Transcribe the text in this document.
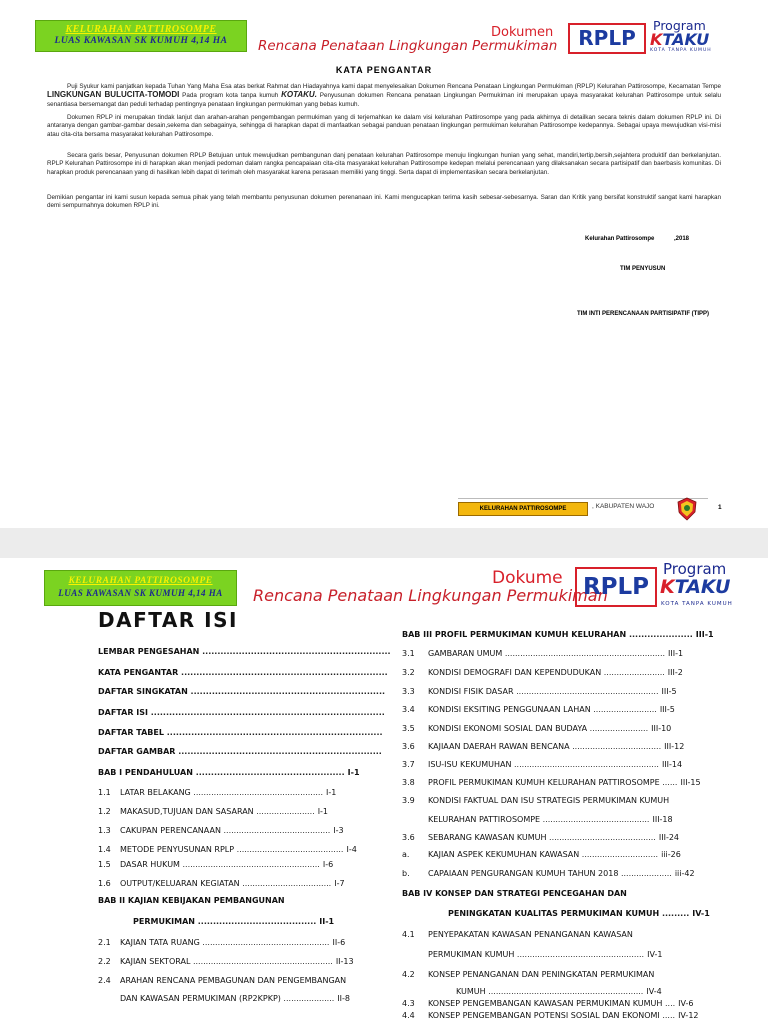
KELURAHAN PATTIROSOMPE
LUAS KAWASAN SK KUMUH 4,14 HA
Dokumen
Rencana Penataan Lingkungan Permukiman	RPLP
Program
KTAKU
KOTA TANPA KUMUH
KATA PENGANTAR
Puji Syukur kami panjatkan kepada Tuhan Yang Maha Esa atas berkat Rahmat dan Hiadayahnya kami dapat menyelesaikan Dokumen Rencana Penataan Lingkungan Permukiman (RPLP) Kelurahan Pattirosompe, Kecamatan Tempe LINGKUNGAN BULUCITA-TOMODI Pada program kota tanpa kumuh KOTAKU. Penyusunan dokumen Rencana penataan Lingkungan Permukiman ini merupakan upaya masyarakat kelurahan Pattirosompe untuk selalu senantiasa bersemangat dan peduli terhadap pentingnya penataan lingkungan permukiman yang bebas kumuh.
Dokumen RPLP ini merupakan tindak lanjut dan arahan-arahan pengembangan permukiman yang di terjemahkan ke dalam visi kelurahan Pattirosompe yang pada akhirnya di detailkan secara teknis dalam dokumen RPLP ini. Di antaranya dengan gambar-gambar desain,sekema dan sebagainya, sehingga di harapkan dapat di manfaatkan sebagai panduan penataan lingkungan permukiman kelurahan Pattirosompe kedepannya. Sebagai upaya mewujudkan visi-misi atau cita-cita bersama masyarakat kelurahan Pattirosompe.
Secara garis besar, Penyusunan dokumen RPLP Betujuan untuk mewujudkan pembangunan danj penataan kelurahan Pattirosompe menuju lingkungan hunian yang sehat, mandiri,tertip,bersih,sejahtera produktif dan berkelanjutan. RPLP Kelurahan Pattirosompe ini di harapkan akan menjadi pedoman dalam rangka pencapaiaan cita-cita masyarakat kelurahan Pattirosompe kedepan melalui perencanaan yang dilaksanakan secara partisipatif dan baerbasis komunitas. Di harapkan produk perencanaan yang di hasilkan lebih dapat di terimah oleh masyarakat karena perasaan memiliki yang tinggi. Serta dapat di implementasikan secara berkelanjutan.
Demikian pengantar ini kami susun kepada semua pihak yang telah membantu penyusunan dokumen perenanaan ini. Kami mengucapkan terima kasih sebesar-sebesarnya. Saran dan Kritik yang bersifat konstruktif sangat kami harapkan demi sempurnahnya dokumen RPLP ini.
Kelurahan Pattirosompe	,2018
TIM PENYUSUN
TIM INTI PERENCANAAN PARTISIPATIF (TIPP)
KELURAHAN PATTIROSOMPE	, KABUPATEN WAJO	1
KELURAHAN PATTIROSOMPE
LUAS KAWASAN SK KUMUH 4,14 HA
Dokume
Rencana Penataan Lingkungan Permukiman
RPLP
Program
KTAKU
KOTA TANPA KUMUH
DAFTAR ISI
LEMBAR PENGESAHAN ..............................................................
KATA PENGANTAR ....................................................................
DAFTAR SINGKATAN ................................................................
DAFTAR ISI .............................................................................
DAFTAR TABEL .......................................................................
DAFTAR GAMBAR ...................................................................
BAB I PENDAHULUAN ................................................. I-1
1.1 LATAR BELAKANG ................................................... I-1
1.2 MAKASUD,TUJUAN DAN SASARAN ....................... I-1
1.3 CAKUPAN PERENCANAAN .......................................... I-3
1.4 METODE PENYUSUNAN RPLP .......................................... I-4
1.5 DASAR HUKUM ...................................................... I-6
1.6 OUTPUT/KELUARAN KEGIATAN ................................... I-7
BAB II KAJIAN KEBIJAKAN PEMBANGUNAN
PERMUKIMAN ....................................... II-1
2.1 KAJIAN TATA RUANG .................................................. II-6
2.2 KAJIAN SEKTORAL ....................................................... II-13
2.4 ARAHAN RENCANA PEMBAGUNAN DAN PENGEMBANGAN
DAN KAWASAN PERMUKIMAN (RP2KPKP) .................... II-8
BAB III PROFIL PERMUKIMAN KUMUH KELURAHAN ..................... III-1
3.1 GAMBARAN UMUM ............................................................... III-1
3.2 KONDISI DEMOGRAFI DAN KEPENDUDUKAN ........................ III-2
3.3 KONDISI FISIK DASAR ........................................................ III-5
3.4 KONDISI EKSITING PENGGUNAAN LAHAN ......................... III-5
3.5 KONDISI EKONOMI SOSIAL DAN BUDAYA ....................... III-10
3.6 KAJIAAN DAERAH RAWAN BENCANA ................................... III-12
3.7 ISU-ISU KEKUMUHAN ......................................................... III-14
3.8 PROFIL PERMUKIMAN KUMUH KELURAHAN PATTIROSOMPE ...... III-15
3.9 KONDISI FAKTUAL DAN ISU STRATEGIS PERMUKIMAN KUMUH
KELURAHAN PATTIROSOMPE .......................................... III-18
3.6 SEBARANG KAWASAN KUMUH .......................................... III-24
a. KAJIAN ASPEK KEKUMUHAN KAWASAN .............................. iii-26
b. CAPAIAAN PENGURANGAN KUMUH TAHUN 2018 .................... iii-42
BAB IV KONSEP DAN STRATEGI PENCEGAHAN DAN
PENINGKATAN KUALITAS PERMUKIMAN KUMUH ......... IV-1
4.1 PENYEPAKATAN KAWASAN PENANGANAN KAWASAN
PERMUKIMAN KUMUH .................................................. IV-1
4.2 KONSEP PENANGANAN DAN PENINGKATAN PERMUKIMAN
KUMUH ............................................................. IV-4
4.3 KONSEP PENGEMBANGAN KAWASAN PERMUKIMAN KUMUH .... IV-6
4.4 KONSEP PENGEMBANGAN POTENSI SOSIAL DAN EKONOMI ..... IV-12
